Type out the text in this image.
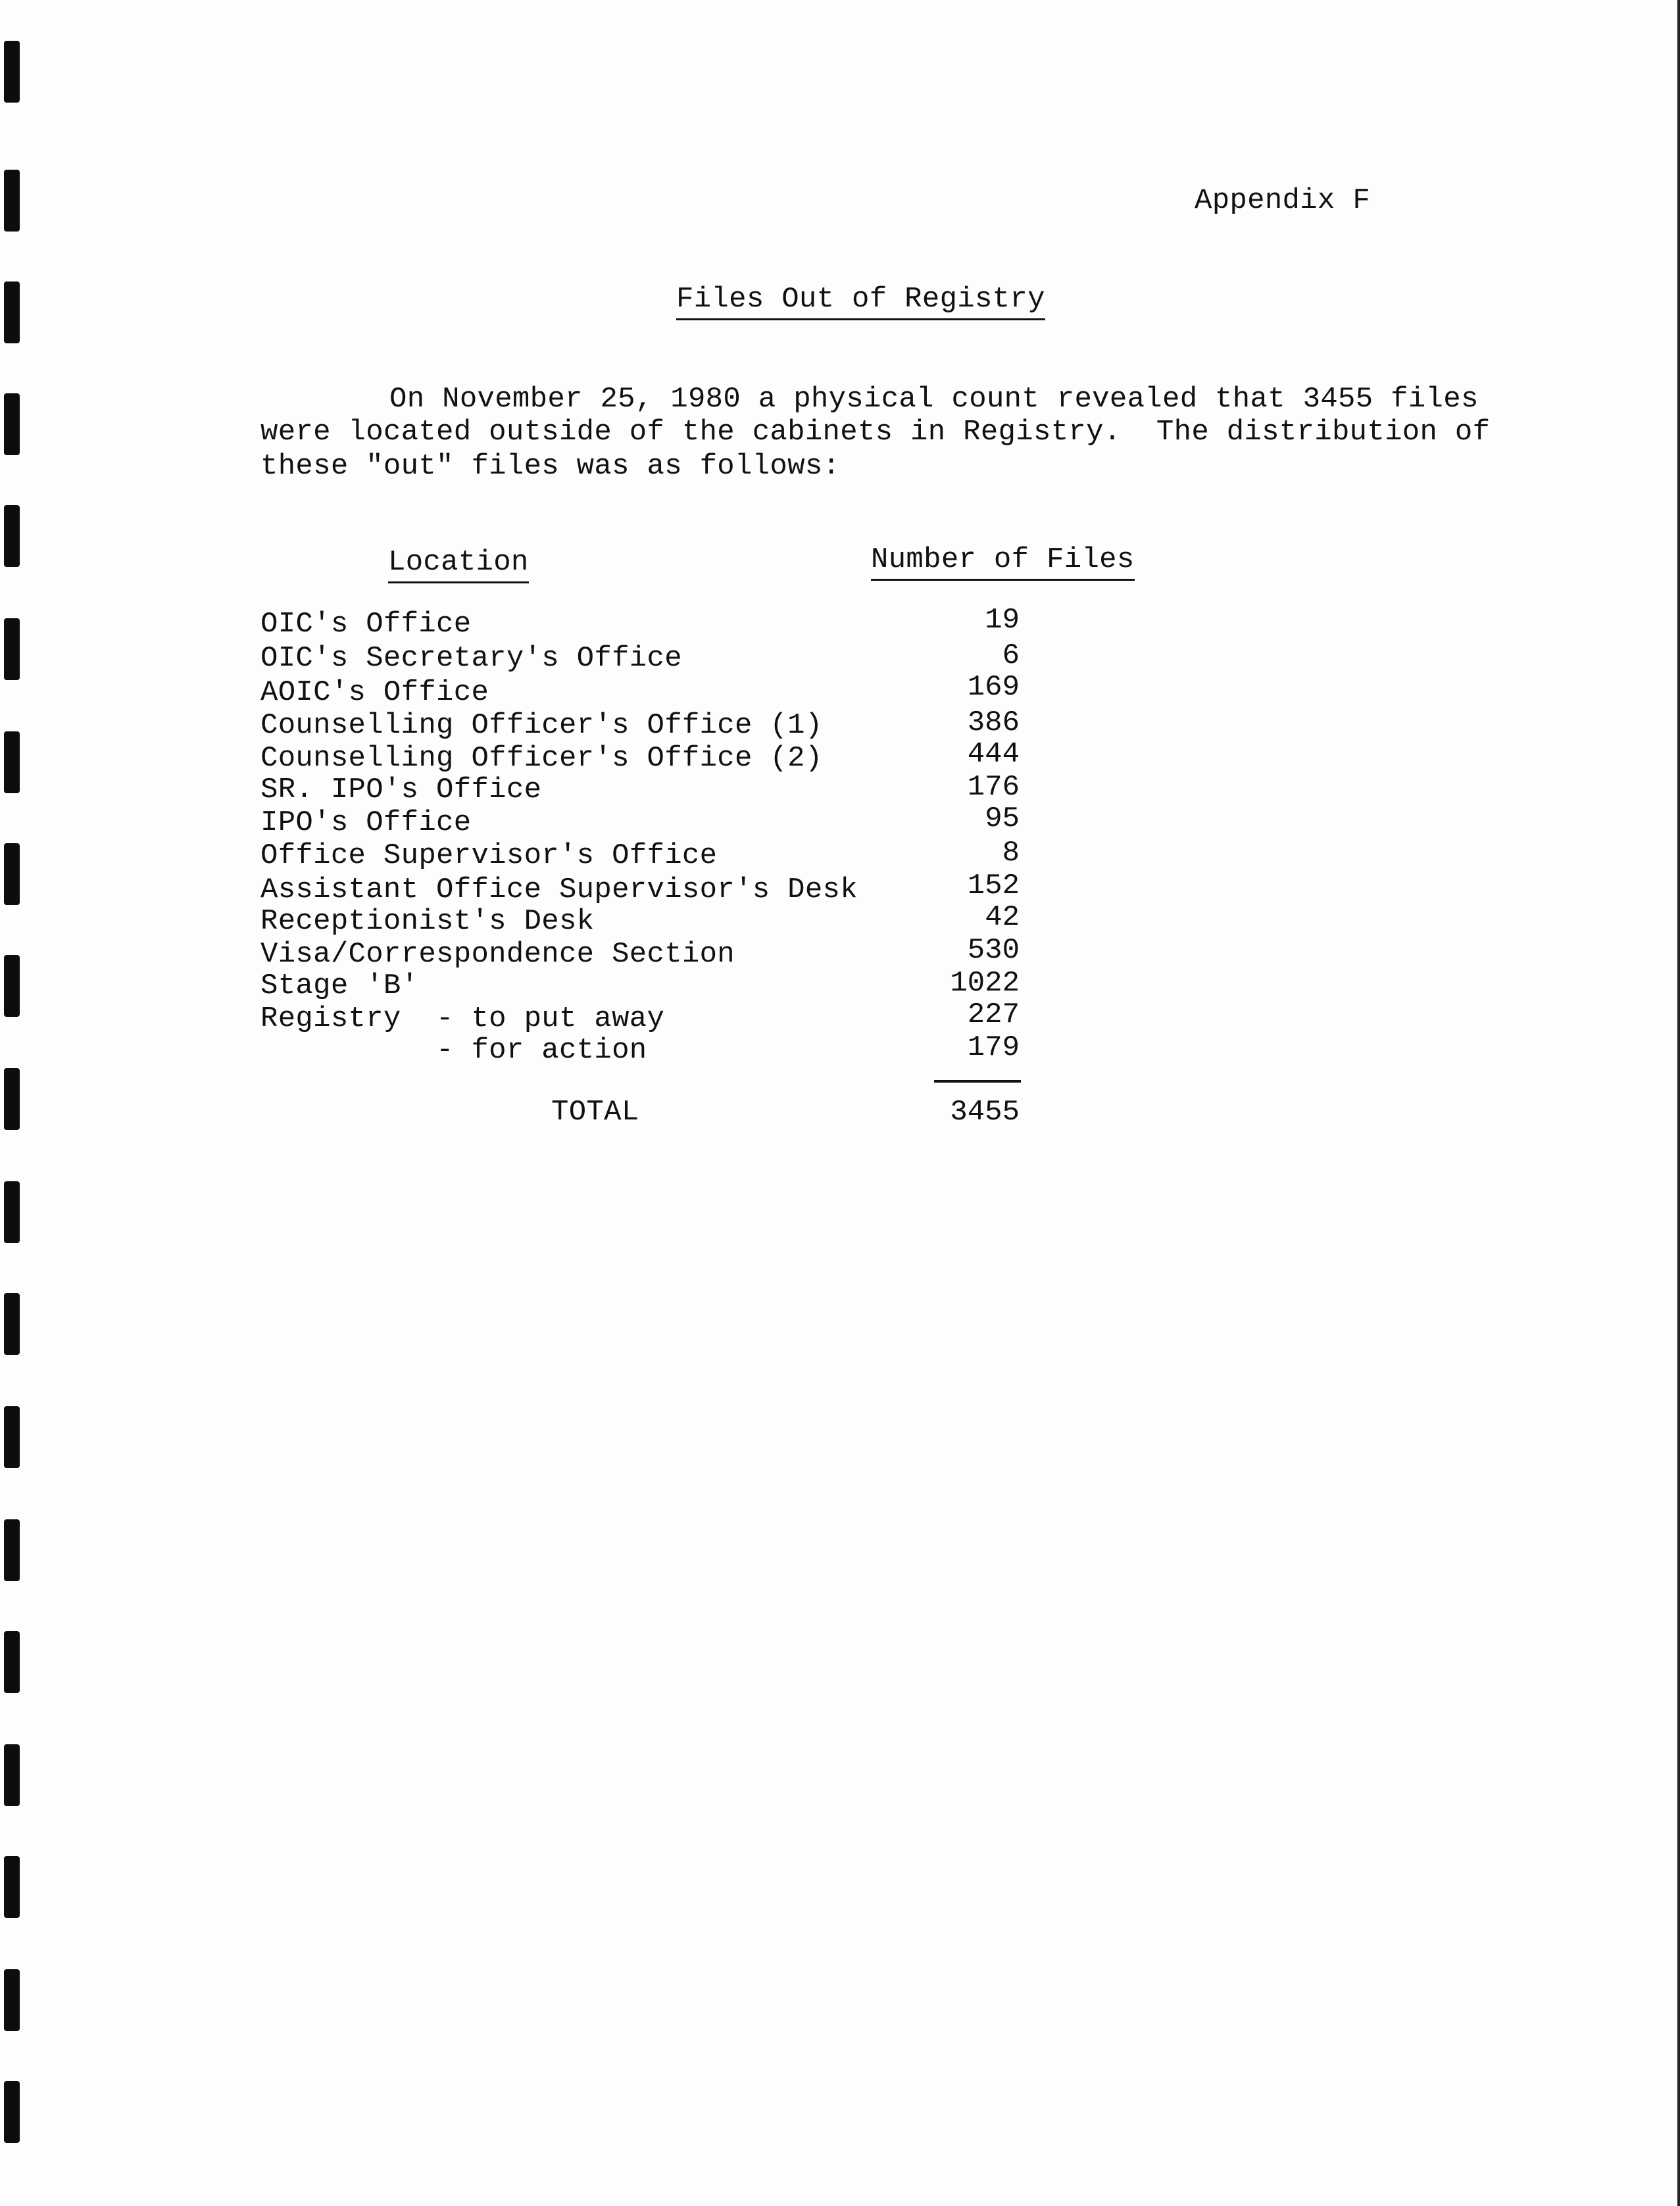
Appendix F
Files Out of Registry
On November 25, 1980 a physical count revealed that 3455 files
were located outside of the cabinets in Registry.  The distribution of
these "out" files was as follows:
Location	Number of Files
OIC's Office	19
OIC's Secretary's Office	6
AOIC's Office	169
Counselling Officer's Office (1)	386
Counselling Officer's Office (2)	444
SR. IPO's Office	176
IPO's Office	95
Office Supervisor's Office	8
Assistant Office Supervisor's Desk	152
Receptionist's Desk	42
Visa/Correspondence Section	530
Stage 'B'	1022
Registry  - to put away	227
- for action	179
TOTAL	3455
